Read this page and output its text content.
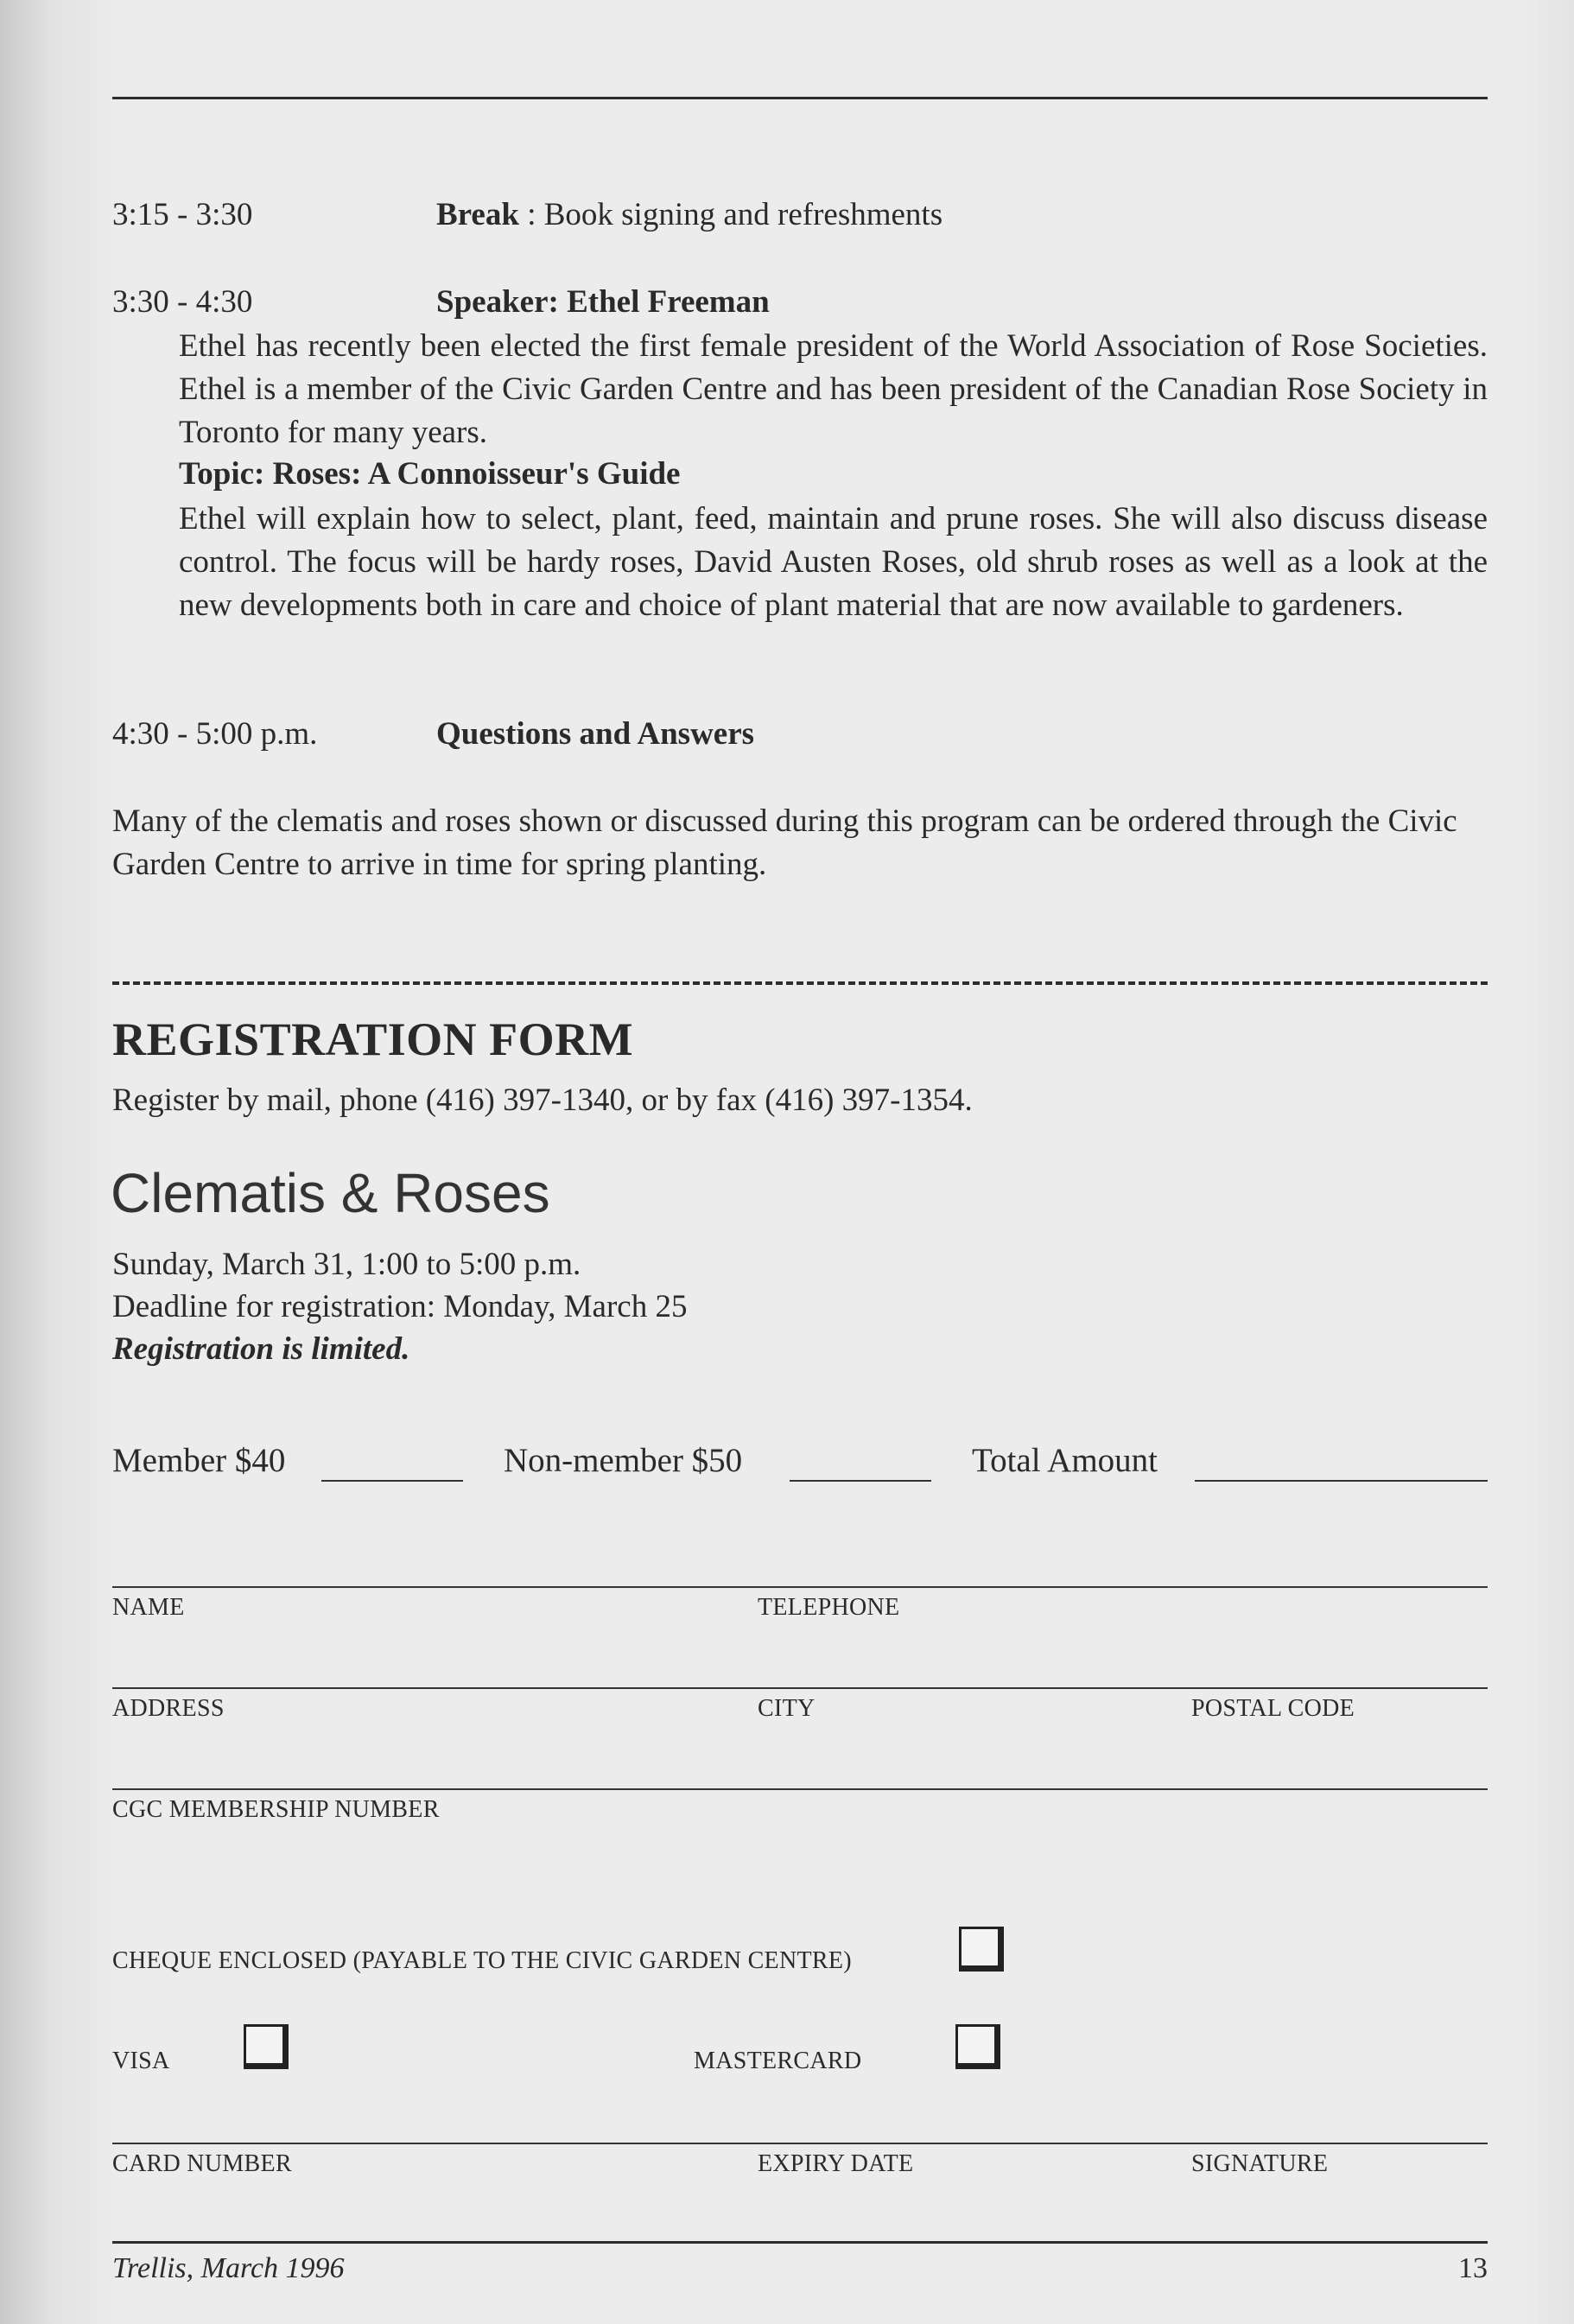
3:15 - 3:30	Break : Book signing and refreshments
3:30 - 4:30	Speaker: Ethel Freeman
Ethel has recently been elected the first female president of the World Association of Rose Societies. Ethel is a member of the Civic Garden Centre and has been president of the Canadian Rose Society in Toronto for many years.
Topic: Roses: A Connoisseur's Guide
Ethel will explain how to select, plant, feed, maintain and prune roses. She will also discuss disease control. The focus will be hardy roses, David Austen Roses, old shrub roses as well as a look at the new developments both in care and choice of plant material that are now available to gardeners.
4:30 - 5:00 p.m.	Questions and Answers
Many of the clematis and roses shown or discussed during this program can be ordered through the Civic Garden Centre to arrive in time for spring planting.
REGISTRATION FORM
Register by mail, phone (416) 397-1340, or by fax (416) 397-1354.
Clematis & Roses
Sunday, March 31, 1:00 to 5:00 p.m.
Deadline for registration: Monday, March 25
Registration is limited.
Member $40	Non-member $50	Total Amount
NAME	TELEPHONE
ADDRESS	CITY	POSTAL CODE
CGC MEMBERSHIP NUMBER
CHEQUE ENCLOSED (PAYABLE TO THE CIVIC GARDEN CENTRE)
VISA	MASTERCARD
CARD NUMBER	EXPIRY DATE	SIGNATURE
Trellis, March 1996	13
